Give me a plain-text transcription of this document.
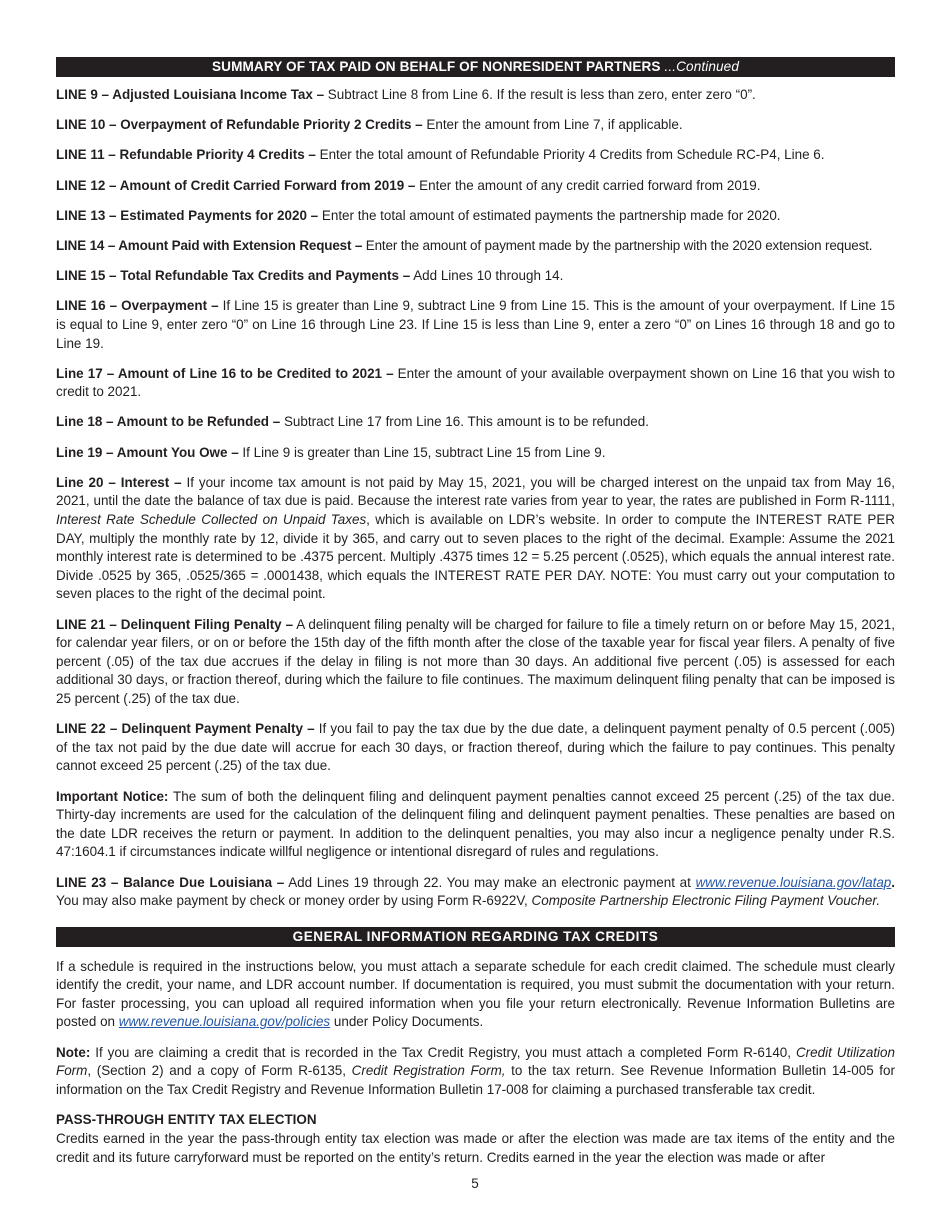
SUMMARY OF TAX PAID ON BEHALF OF NONRESIDENT PARTNERS ...Continued

LINE 9 – Adjusted Louisiana Income Tax – Subtract Line 8 from Line 6. If the result is less than zero, enter zero “0”.

LINE 10 – Overpayment of Refundable Priority 2 Credits – Enter the amount from Line 7, if applicable.

LINE 11 – Refundable Priority 4 Credits – Enter the total amount of Refundable Priority 4 Credits from Schedule RC-P4, Line 6.

LINE 12 – Amount of Credit Carried Forward from 2019 – Enter the amount of any credit carried forward from 2019.

LINE 13 – Estimated Payments for 2020 – Enter the total amount of estimated payments the partnership made for 2020.

LINE 14 – Amount Paid with Extension Request – Enter the amount of payment made by the partnership with the 2020 extension request.

LINE 15 – Total Refundable Tax Credits and Payments – Add Lines 10 through 14.

LINE 16 – Overpayment – If Line 15 is greater than Line 9, subtract Line 9 from Line 15. This is the amount of your overpayment. If Line 15 is equal to Line 9, enter zero “0” on Line 16 through Line 23. If Line 15 is less than Line 9, enter a zero “0” on Lines 16 through 18 and go to Line 19.

Line 17 – Amount of Line 16 to be Credited to 2021 – Enter the amount of your available overpayment shown on Line 16 that you wish to credit to 2021.

Line 18 – Amount to be Refunded – Subtract Line 17 from Line 16. This amount is to be refunded.

Line 19 – Amount You Owe – If Line 9 is greater than Line 15, subtract Line 15 from Line 9.

Line 20 – Interest – If your income tax amount is not paid by May 15, 2021, you will be charged interest on the unpaid tax from May 16, 2021, until the date the balance of tax due is paid. Because the interest rate varies from year to year, the rates are published in Form R-1111, Interest Rate Schedule Collected on Unpaid Taxes, which is available on LDR’s website. In order to compute the INTEREST RATE PER DAY, multiply the monthly rate by 12, divide it by 365, and carry out to seven places to the right of the decimal. Example: Assume the 2021 monthly interest rate is determined to be .4375 percent. Multiply .4375 times 12 = 5.25 percent (.0525), which equals the annual interest rate. Divide .0525 by 365, .0525/365 = .0001438, which equals the INTEREST RATE PER DAY. NOTE: You must carry out your computation to seven places to the right of the decimal point.

LINE 21 – Delinquent Filing Penalty – A delinquent filing penalty will be charged for failure to file a timely return on or before May 15, 2021, for calendar year filers, or on or before the 15th day of the fifth month after the close of the taxable year for fiscal year filers. A penalty of five percent (.05) of the tax due accrues if the delay in filing is not more than 30 days. An additional five percent (.05) is assessed for each additional 30 days, or fraction thereof, during which the failure to file continues. The maximum delinquent filing penalty that can be imposed is 25 percent (.25) of the tax due.

LINE 22 – Delinquent Payment Penalty – If you fail to pay the tax due by the due date, a delinquent payment penalty of 0.5 percent (.005) of the tax not paid by the due date will accrue for each 30 days, or fraction thereof, during which the failure to pay continues. This penalty cannot exceed 25 percent (.25) of the tax due.

Important Notice: The sum of both the delinquent filing and delinquent payment penalties cannot exceed 25 percent (.25) of the tax due. Thirty-day increments are used for the calculation of the delinquent filing and delinquent payment penalties. These penalties are based on the date LDR receives the return or payment. In addition to the delinquent penalties, you may also incur a negligence penalty under R.S. 47:1604.1 if circumstances indicate willful negligence or intentional disregard of rules and regulations.

LINE 23 – Balance Due Louisiana – Add Lines 19 through 22. You may make an electronic payment at www.revenue.louisiana.gov/latap. You may also make payment by check or money order by using Form R-6922V, Composite Partnership Electronic Filing Payment Voucher.

GENERAL INFORMATION REGARDING TAX CREDITS

If a schedule is required in the instructions below, you must attach a separate schedule for each credit claimed. The schedule must clearly identify the credit, your name, and LDR account number. If documentation is required, you must submit the documentation with your return. For faster processing, you can upload all required information when you file your return electronically. Revenue Information Bulletins are posted on www.revenue.louisiana.gov/policies under Policy Documents.

Note: If you are claiming a credit that is recorded in the Tax Credit Registry, you must attach a completed Form R-6140, Credit Utilization Form, (Section 2) and a copy of Form R-6135, Credit Registration Form, to the tax return. See Revenue Information Bulletin 14-005 for information on the Tax Credit Registry and Revenue Information Bulletin 17-008 for claiming a purchased transferable tax credit.

PASS-THROUGH ENTITY TAX ELECTION

Credits earned in the year the pass-through entity tax election was made or after the election was made are tax items of the entity and the credit and its future carryforward must be reported on the entity’s return. Credits earned in the year the election was made or after

5
